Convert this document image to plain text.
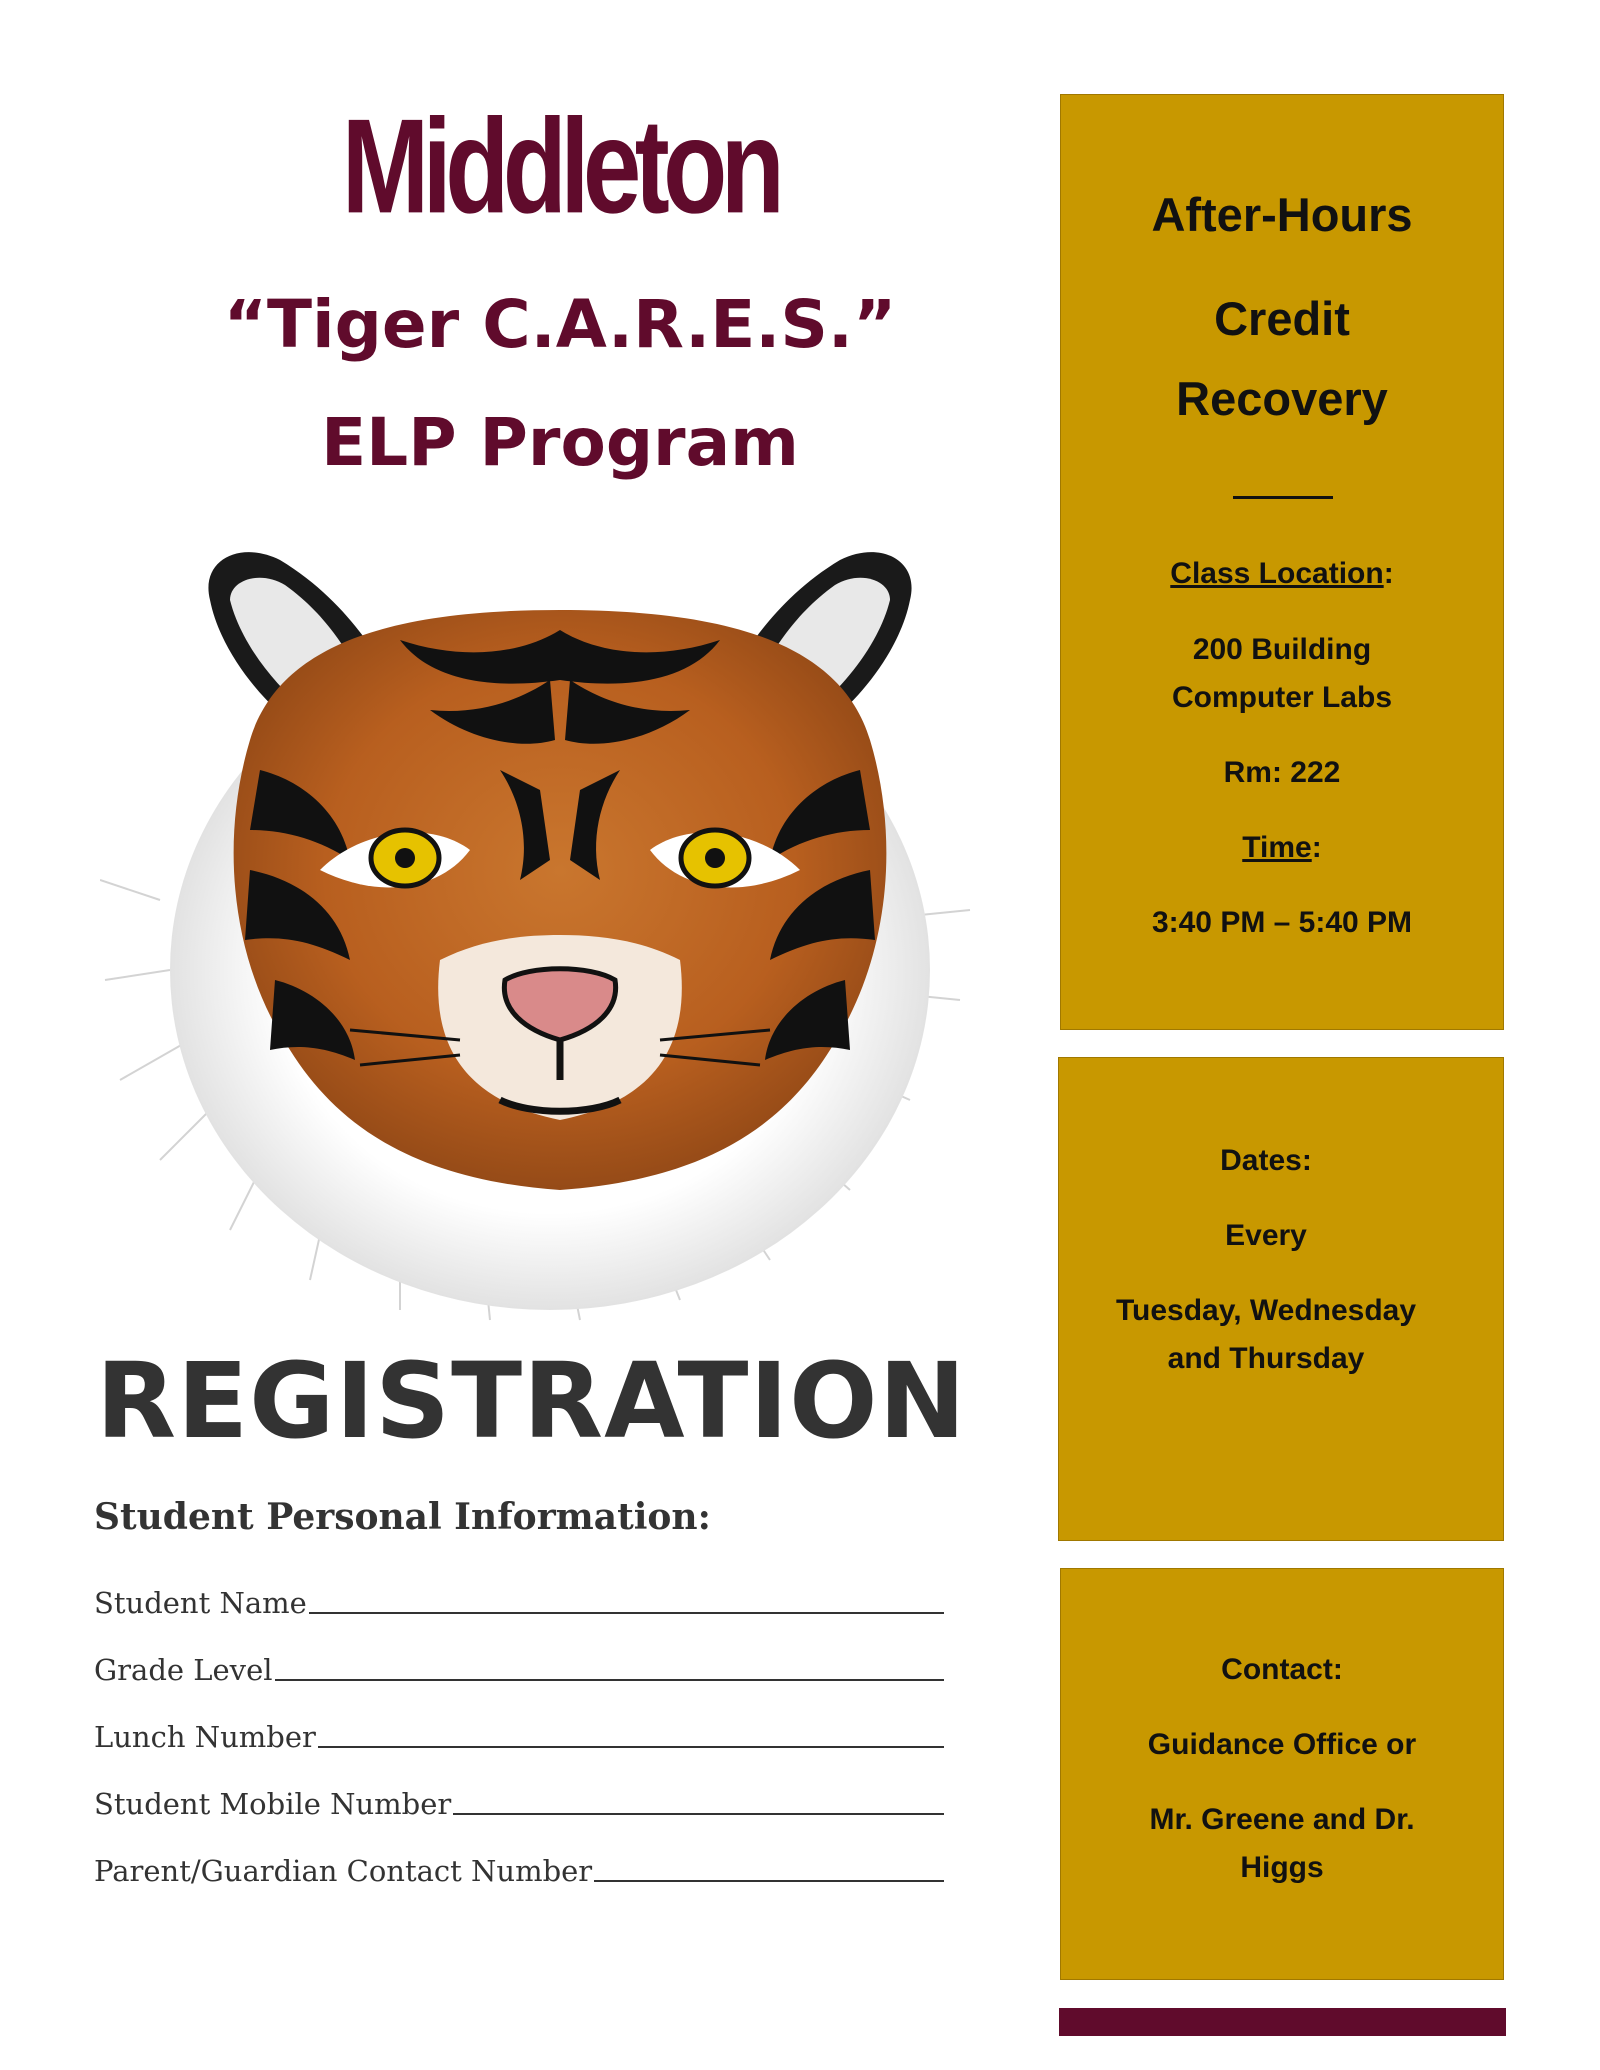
Middleton
“Tiger C.A.R.E.S.”
ELP Program
REGISTRATION
Student Personal Information:
Student Name
Grade Level
Lunch Number
Student Mobile Number
Parent/Guardian Contact Number
After-Hours
Credit
Recovery
Class Location:
200 Building
Computer Labs
Rm: 222
Time:
3:40 PM – 5:40 PM
Dates:
Every
Tuesday, Wednesday
and Thursday
Contact:
Guidance Office or
Mr. Greene and Dr.
Higgs
